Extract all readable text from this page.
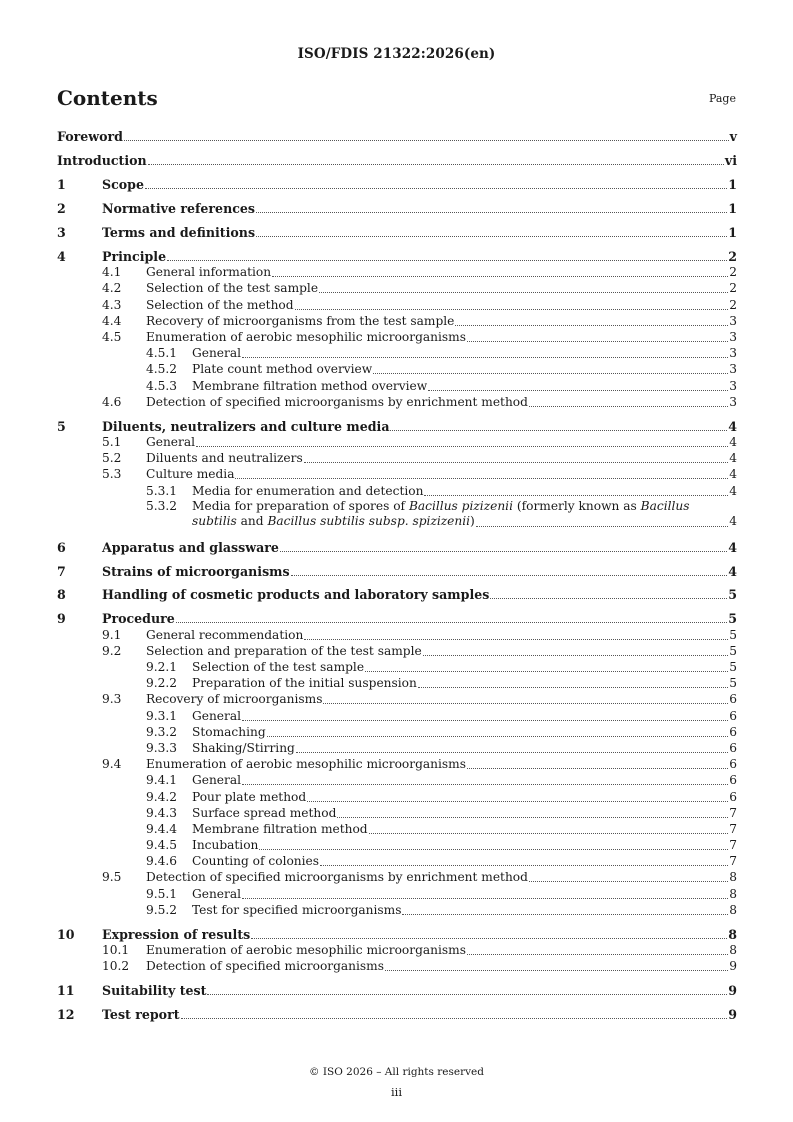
ISO/FDIS 21322:2026(en)
Contents	Page
Foreword	v
Introduction	vi
1	Scope	1
2	Normative references	1
3	Terms and definitions	1
4	Principle	2
4.1	General information	2
4.2	Selection of the test sample	2
4.3	Selection of the method	2
4.4	Recovery of microorganisms from the test sample	3
4.5	Enumeration of aerobic mesophilic microorganisms	3
4.5.1	General	3
4.5.2	Plate count method overview	3
4.5.3	Membrane filtration method overview	3
4.6	Detection of specified microorganisms by enrichment method	3
5	Diluents, neutralizers and culture media	4
5.1	General	4
5.2	Diluents and neutralizers	4
5.3	Culture media	4
5.3.1	Media for enumeration and detection	4
5.3.2 Media for preparation of spores of Bacillus pizizenii (formerly known as Bacillus
subtilis and Bacillus subtilis subsp. spizizenii)	4
6	Apparatus and glassware	4
7	Strains of microorganisms	4
8	Handling of cosmetic products and laboratory samples	5
9	Procedure	5
9.1	General recommendation	5
9.2	Selection and preparation of the test sample	5
9.2.1	Selection of the test sample	5
9.2.2	Preparation of the initial suspension	5
9.3	Recovery of microorganisms	6
9.3.1	General	6
9.3.2	Stomaching	6
9.3.3	Shaking/Stirring	6
9.4	Enumeration of aerobic mesophilic microorganisms	6
9.4.1	General	6
9.4.2	Pour plate method	6
9.4.3	Surface spread method	7
9.4.4	Membrane filtration method	7
9.4.5	Incubation	7
9.4.6	Counting of colonies	7
9.5	Detection of specified microorganisms by enrichment method	8
9.5.1	General	8
9.5.2	Test for specified microorganisms	8
10	Expression of results	8
10.1	Enumeration of aerobic mesophilic microorganisms	8
10.2	Detection of specified microorganisms	9
11	Suitability test	9
12	Test report	9
© ISO 2026 – All rights reserved
iii
